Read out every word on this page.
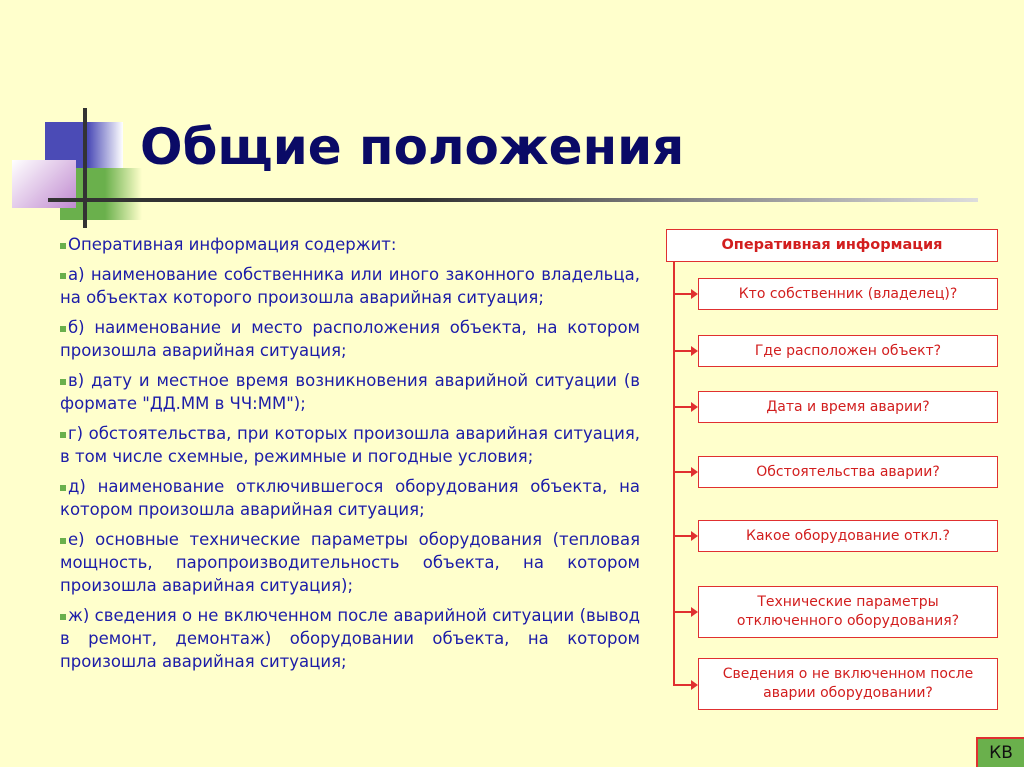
Общие положения

Оперативная информация содержит:

а) наименование собственника или иного законного владельца, на объектах которого произошла аварийная ситуация;

б) наименование и место расположения объекта, на котором произошла аварийная ситуация;

в) дату и местное время возникновения аварийной ситуации (в формате "ДД.ММ в ЧЧ:ММ");

г) обстоятельства, при которых произошла аварийная ситуация, в том числе схемные, режимные и погодные условия;

д) наименование отключившегося оборудования объекта, на котором произошла аварийная ситуация;

е) основные технические параметры оборудования (тепловая мощность, паропроизводительность объекта, на котором произошла аварийная ситуация);

ж) сведения о не включенном после аварийной ситуации (вывод в ремонт, демонтаж) оборудовании объекта, на котором произошла аварийная ситуация;

Оперативная информация
Кто собственник (владелец)?
Где расположен объект?
Дата и время аварии?
Обстоятельства аварии?
Какое оборудование откл.?
Технические параметры отключенного оборудования?
Сведения о не включенном после аварии оборудовании?
КВ
